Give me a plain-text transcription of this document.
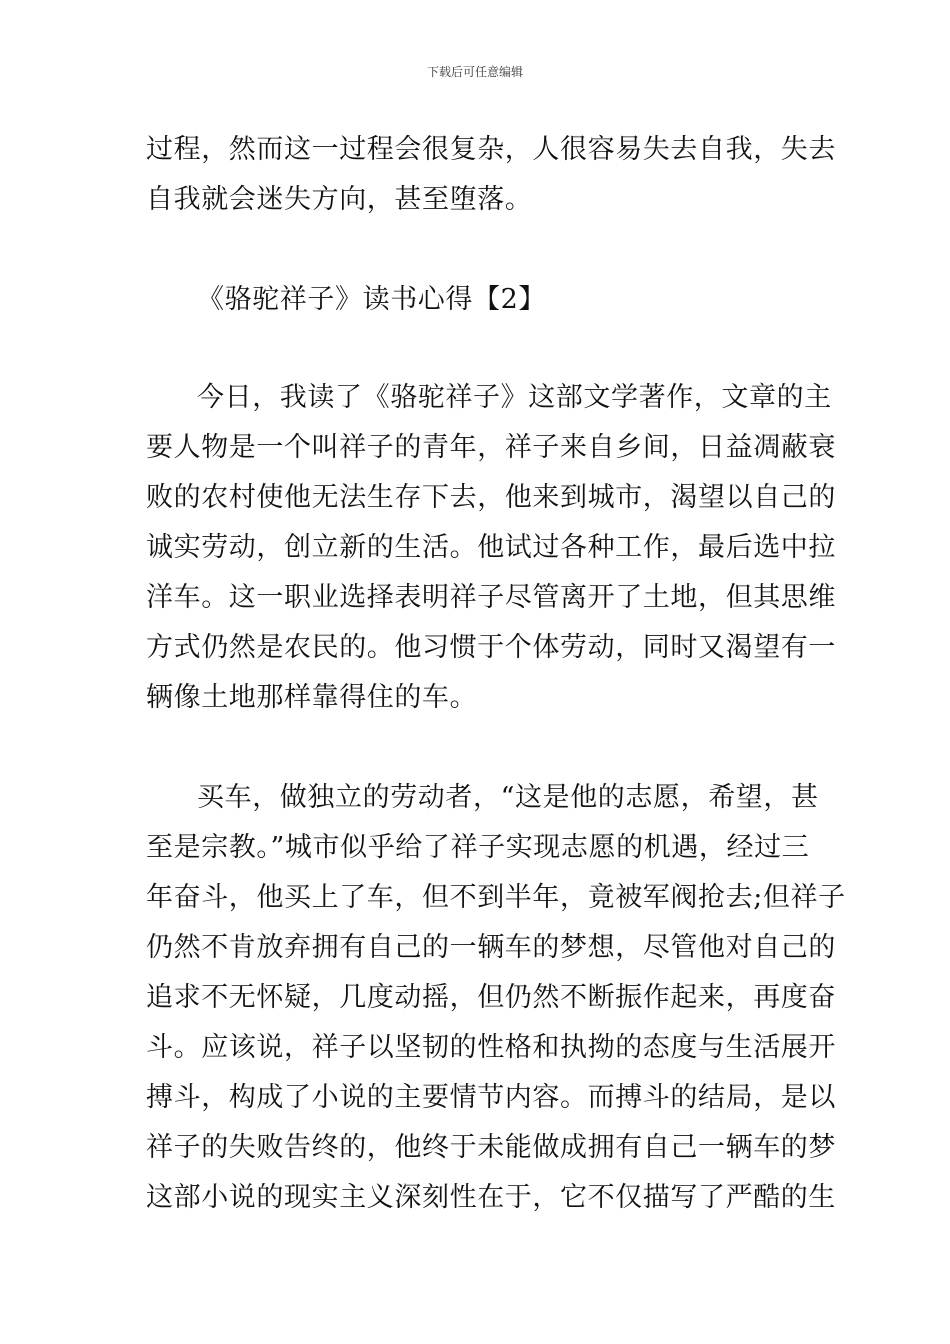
下载后可任意编辑
过程，然而这一过程会很复杂，人很容易失去自我，失去
自我就会迷失方向，甚至堕落。
《骆驼祥子》读书心得【2】
今日，我读了《骆驼祥子》这部文学著作，文章的主
要人物是一个叫祥子的青年，祥子来自乡间，日益凋蔽衰
败的农村使他无法生存下去，他来到城市，渴望以自己的
诚实劳动，创立新的生活。他试过各种工作，最后选中拉
洋车。这一职业选择表明祥子尽管离开了土地，但其思维
方式仍然是农民的。他习惯于个体劳动，同时又渴望有一
辆像土地那样靠得住的车。
买车，做独立的劳动者，“这是他的志愿，希望，甚
至是宗教。”城市似乎给了祥子实现志愿的机遇，经过三
年奋斗，他买上了车，但不到半年，竟被军阀抢去;但祥子
仍然不肯放弃拥有自己的一辆车的梦想，尽管他对自己的
追求不无怀疑，几度动摇，但仍然不断振作起来，再度奋
斗。应该说，祥子以坚韧的性格和执拗的态度与生活展开
搏斗，构成了小说的主要情节内容。而搏斗的结局，是以
祥子的失败告终的，他终于未能做成拥有自己一辆车的梦
这部小说的现实主义深刻性在于，它不仅描写了严酷的生
